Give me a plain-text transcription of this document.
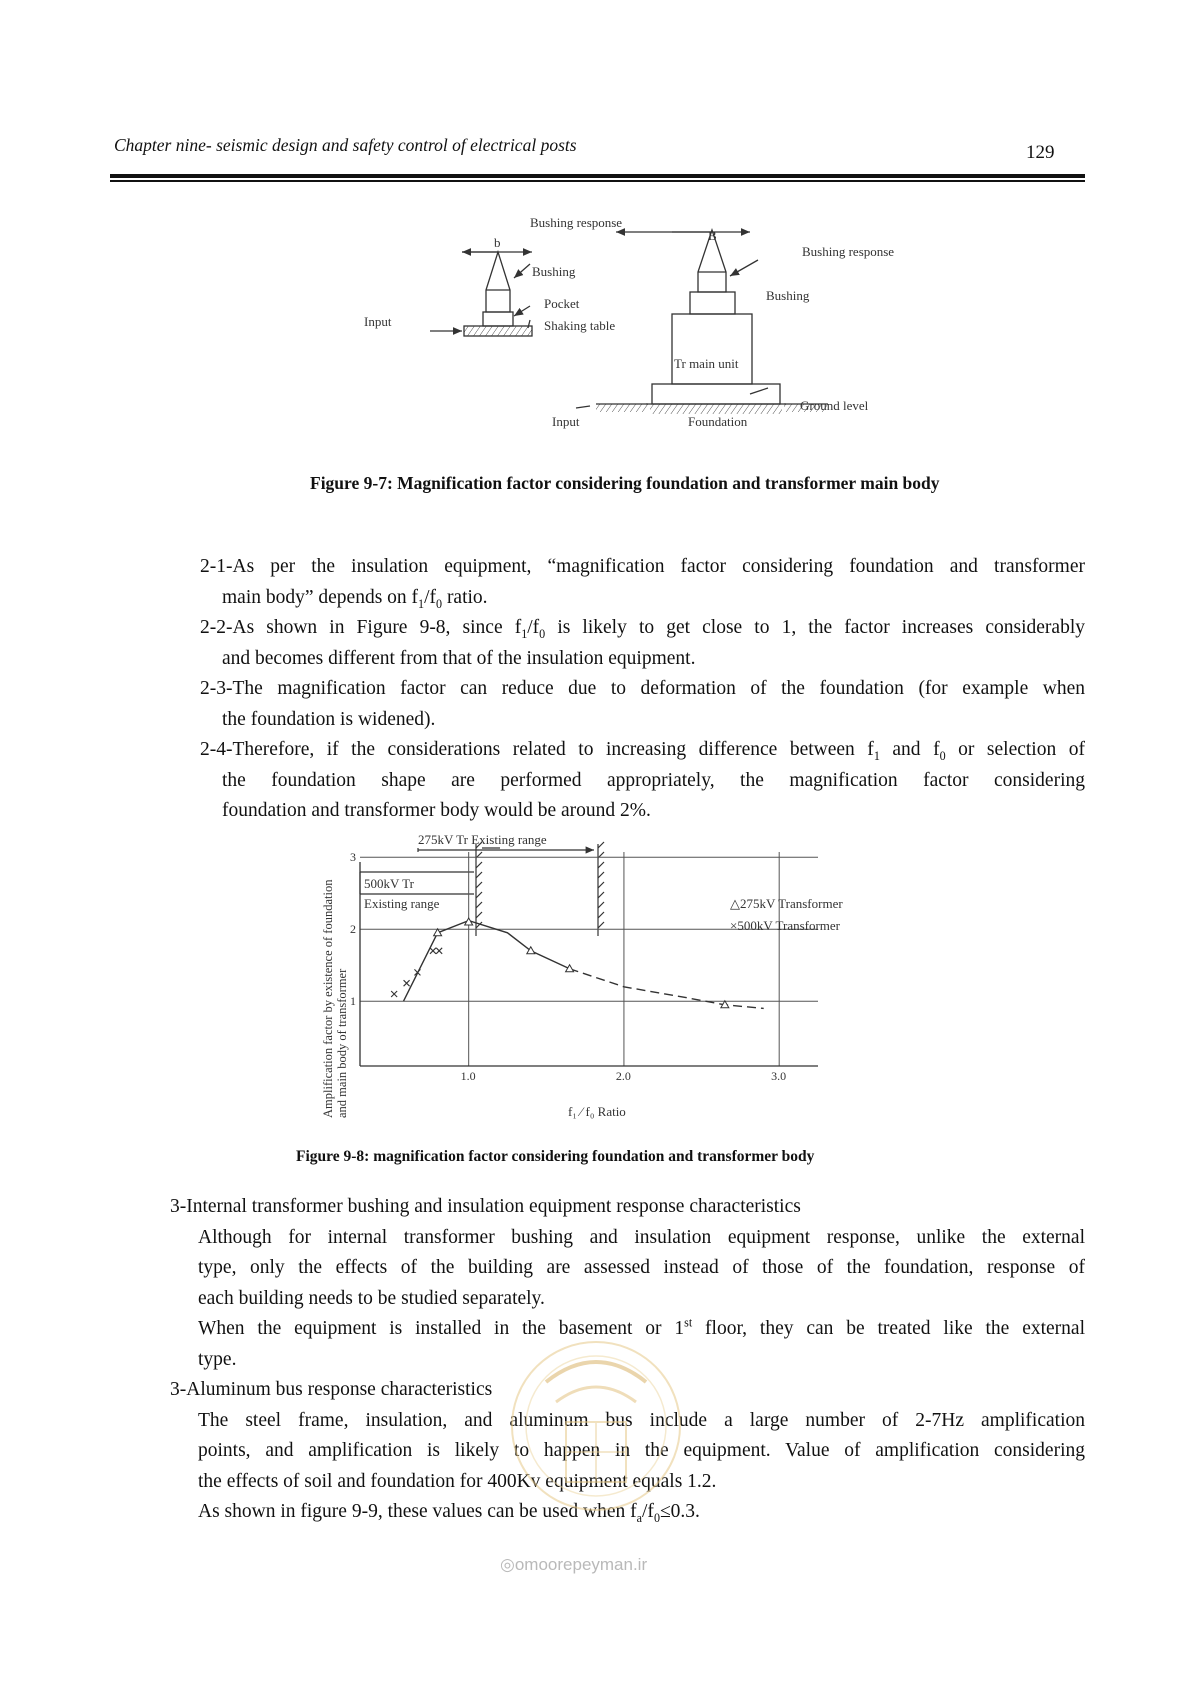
Chapter nine- seismic design and safety control of electrical posts	129
Bushing response
b
Bushing
Input
Pocket
Shaking table
B
Bushing response
Bushing
Tr main unit
Ground level
Input	Foundation
Figure 9-7: Magnification factor considering foundation and transformer main body
2-1-As per the insulation equipment, “magnification factor considering foundation and transformer
main body” depends on $f_1/f_0$ ratio.
2-2-As shown in Figure 9-8, since $f_1/f_0$ is likely to get close to 1, the factor increases considerably
and becomes different from that of the insulation equipment.
2-3-The magnification factor can reduce due to deformation of the foundation (for example when
the foundation is widened).
2-4-Therefore, if the considerations related to increasing difference between $f_1$ and $f_0$ or selection of
the foundation shape are performed appropriately, the magnification factor considering
foundation and transformer body would be around 2%.
1
2
3
1.0	2.0	3.0
275kV Tr Existing range
500kV Tr
Existing range	△275kV Transformer
×500kV Transformer
f₁ ⁄ f₀ Ratio
Amplification factor by existence of foundation and main body of transformer
Figure 9-8: magnification factor considering foundation and transformer body
3-Internal transformer bushing and insulation equipment response characteristics
Although for internal transformer bushing and insulation equipment response, unlike the external
type, only the effects of the building are assessed instead of those of the foundation, response of
each building needs to be studied separately.
When the equipment is installed in the basement or 1st floor, they can be treated like the external
type.
3-Aluminum bus response characteristics
The steel frame, insulation, and aluminum bus include a large number of 2-7Hz amplification
points, and amplification is likely to happen in the equipment. Value of amplification considering
the effects of soil and foundation for 400Kv equipment equals 1.2.
As shown in figure 9-9, these values can be used when $f_a/f_0\le 0.3$.
◎omoorepeyman.ir
